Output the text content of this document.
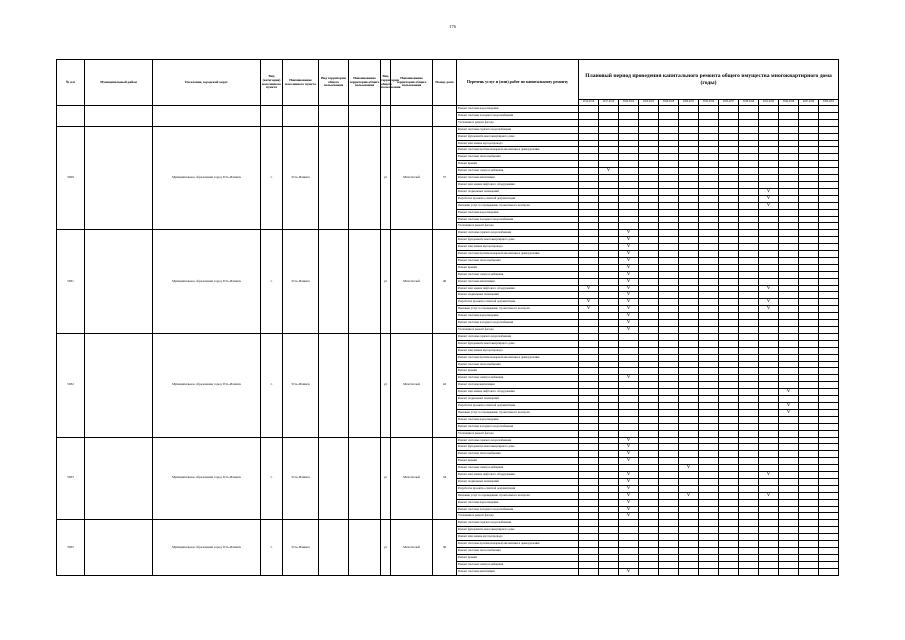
176
№ п/п	Муниципальный район	Поселение, городской округ	Вид (категория) населенного пункта	Наименование населенного пункта	Вид территории общего пользования	Наименование территории общего пользования	Вид территории общего пользования	Наименование территории общего пользования	Номер дома	Перечень услуг и (или) работ по капитальному ремонту	Плановый период проведения капитального ремонта общего имущества многоквартирного дома (годы)												
											2014-2016	2017-2019	2020-2022	2023-2025	2026-2028	2029-2031	2032-2034	2035-2037	2038-2040	2041-2043	2044-2046	2047-2049	2050-2052
										Ремонт системы водоотведения													
										Ремонт системы холодного водоснабжения													
										Утепление и ремонт фасада													
5929		Муниципальное образование город Усть-Илимск	г.	Усть-Илимск			ул	Мечтателей	37	Ремонт системы горячего водоснабжения													
										Ремонт фундамента многоквартирного дома													
										Ремонт или замена мусоропровода													
										Ремонт системы противопожарной автоматики и дымоудаления													
										Ремонт системы теплоснабжения													
										Ремонт крыши													
										Ремонт системы электроснабжения		V											
										Ремонт системы вентиляции													
										Ремонт или замена лифтового оборудования													
										Ремонт подвальных помещений										V			
										Разработка проектно-сметной документации										V			
										Оказание услуг по проведению строительного контроля										V			
										Ремонт системы водоотведения													
										Ремонт системы холодного водоснабжения													
										Утепление и ремонт фасада													
5931		Муниципальное образование город Усть-Илимск	г.	Усть-Илимск			ул	Мечтателей	40	Ремонт системы горячего водоснабжения			V										
										Ремонт фундамента многоквартирного дома			V										
										Ремонт или замена мусоропровода			V										
										Ремонт системы противопожарной автоматики и дымоудаления			V										
										Ремонт системы теплоснабжения			V										
										Ремонт крыши			V										
										Ремонт системы электроснабжения			V										
										Ремонт системы вентиляции			V										
										Ремонт или замена лифтового оборудования	V		V							V			
										Ремонт подвальных помещений			V										
										Разработка проектно-сметной документации	V		V							V			
										Оказание услуг по проведению строительного контроля	V		V							V			
										Ремонт системы водоотведения			V										
										Ремонт системы холодного водоснабжения			V										
										Утепление и ремонт фасада			V										
5932		Муниципальное образование город Усть-Илимск	г.	Усть-Илимск			ул	Мечтателей	42	Ремонт системы горячего водоснабжения													
										Ремонт фундамента многоквартирного дома													
										Ремонт или замена мусоропровода													
										Ремонт системы противопожарной автоматики и дымоудаления													
										Ремонт системы теплоснабжения													
										Ремонт крыши													
										Ремонт системы электроснабжения			V										
										Ремонт системы вентиляции													
										Ремонт или замена лифтового оборудования											V		
										Ремонт подвальных помещений													
										Разработка проектно-сметной документации											V		
										Оказание услуг по проведению строительного контроля											V		
										Ремонт системы водоотведения													
										Ремонт системы холодного водоснабжения													
										Утепление и ремонт фасада													
5933		Муниципальное образование город Усть-Илимск	г.	Усть-Илимск			ул	Мечтателей	34	Ремонт системы горячего водоснабжения			V										
										Ремонт фундамента многоквартирного дома			V										
										Ремонт системы теплоснабжения			V										
										Ремонт крыши			V										
										Ремонт системы электроснабжения						V							
										Ремонт или замена лифтового оборудования			V							V			
										Ремонт подвальных помещений			V										
										Разработка проектно-сметной документации			V										
										Оказание услуг по проведению строительного контроля			V			V				V			
										Ремонт системы водоотведения			V										
										Ремонт системы холодного водоснабжения			V										
										Утепление и ремонт фасада			V										
5935		Муниципальное образование город Усть-Илимск	г.	Усть-Илимск			ул	Мечтателей	36	Ремонт системы горячего водоснабжения													
										Ремонт фундамента многоквартирного дома													
										Ремонт или замена мусоропровода													
										Ремонт системы противопожарной автоматики и дымоудаления													
										Ремонт системы теплоснабжения													
										Ремонт крыши													
										Ремонт системы электроснабжения													
										Ремонт системы вентиляции			V										
